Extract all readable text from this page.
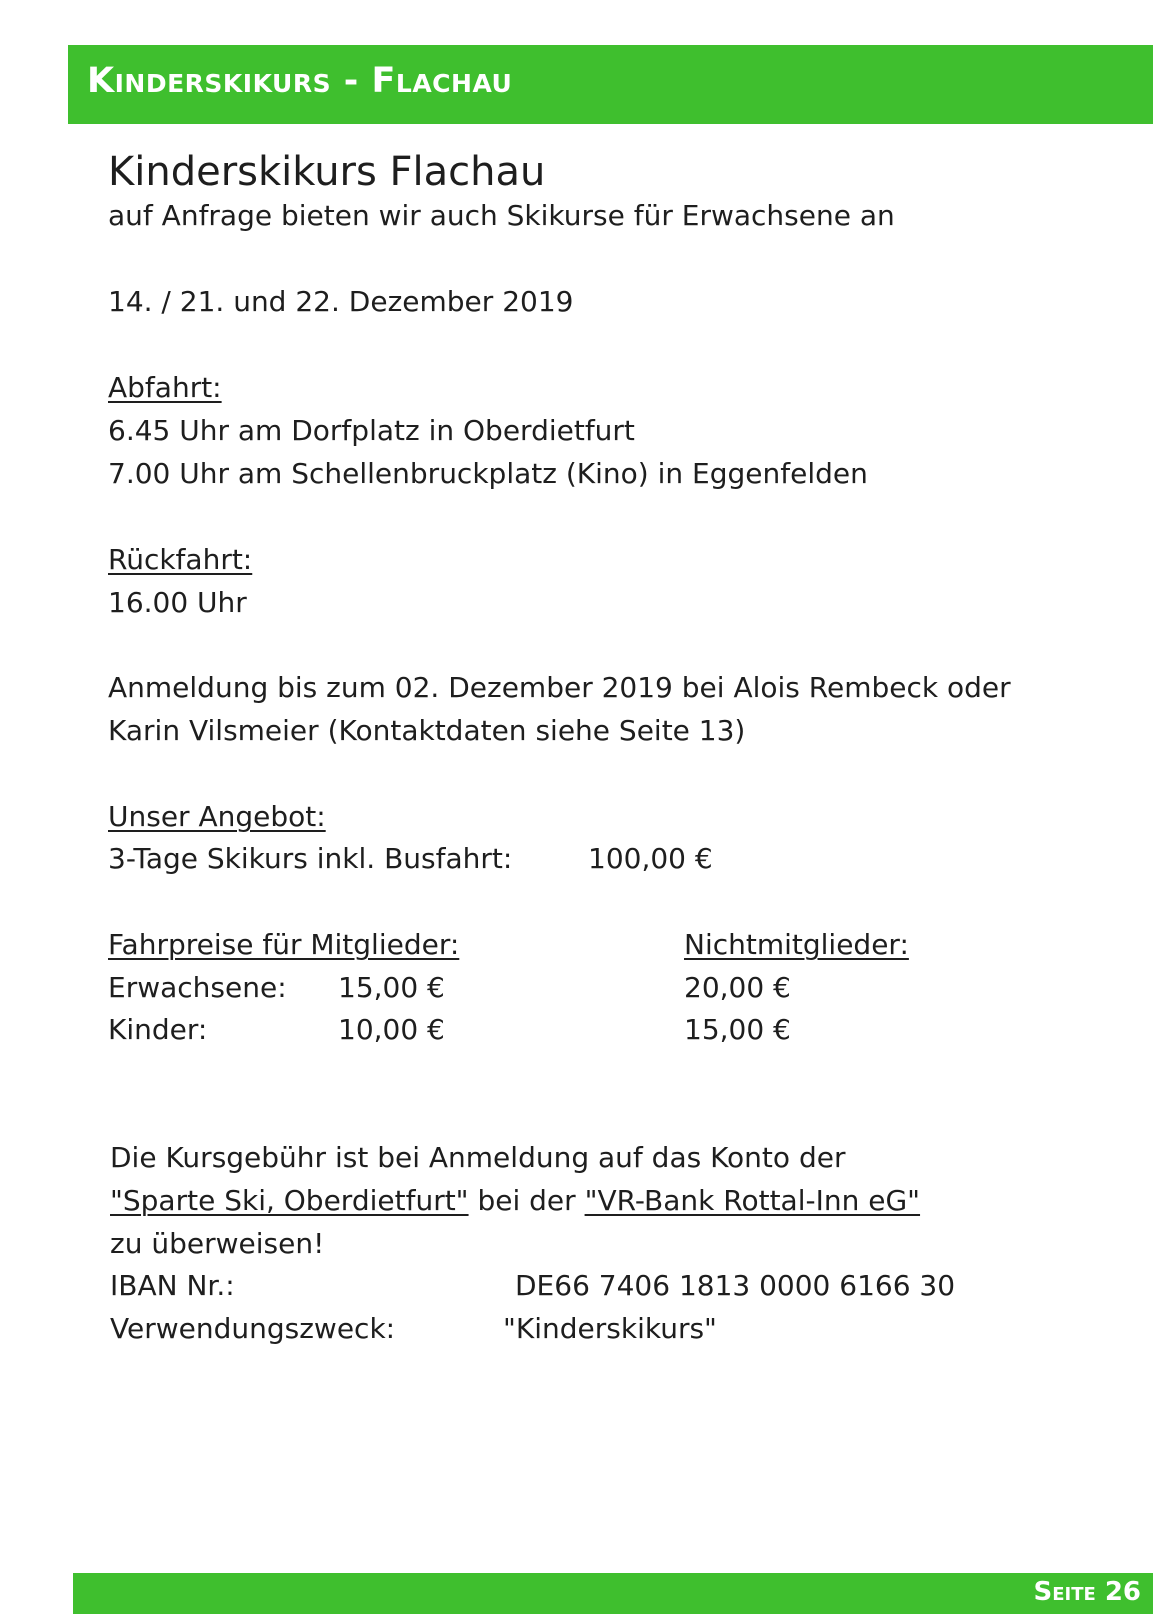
Kinderskikurs - Flachau
Kinderskikurs Flachau
auf Anfrage bieten wir auch Skikurse für Erwachsene an
14. / 21. und 22. Dezember 2019
Abfahrt:
6.45 Uhr am Dorfplatz in Oberdietfurt
7.00 Uhr am Schellenbruckplatz (Kino) in Eggenfelden
Rückfahrt:
16.00 Uhr
Anmeldung bis zum 02. Dezember 2019 bei Alois Rembeck oder
Karin Vilsmeier (Kontaktdaten siehe Seite 13)
Unser Angebot:
3-Tage Skikurs inkl. Busfahrt:	100,00 €
Fahrpreise für Mitglieder:	Nichtmitglieder:
Erwachsene: 15,00 €	20,00 €
Kinder:	10,00 €	15,00 €
Die Kursgebühr ist bei Anmeldung auf das Konto der
"Sparte Ski, Oberdietfurt" bei der "VR-Bank Rottal-Inn eG"
zu überweisen!
IBAN Nr.:	DE66 7406 1813 0000 6166 30
Verwendungszweck:	"Kinderskikurs"
Seite 26
